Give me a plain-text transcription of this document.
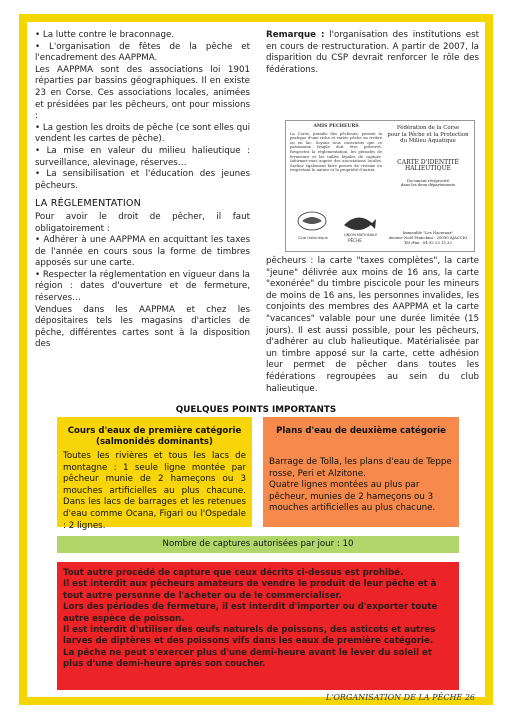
• La lutte contre le braconnage.

• L'organisation de fêtes de la pêche et l'encadrement des AAPPMA.

Les AAPPMA sont des associations loi 1901 réparties par bassins géographiques. Il en existe 23 en Corse. Ces associations locales, animées et présidées par les pêcheurs, ont pour missions :

• La gestion les droits de pêche (ce sont elles qui vendent les cartes de pêche).

• La mise en valeur du milieu halieutique : surveillance, alevinage, réserves…

• La sensibilisation et l'éducation des jeunes pêcheurs.

LA RÉGLEMENTATION

Pour avoir le droit de pêcher, il faut obligatoirement :

• Adhérer à une AAPPMA en acquittant les taxes de l'année en cours sous la forme de timbres apposés sur une carte.

• Respecter la réglementation en vigueur dans la région : dates d'ouverture et de fermeture, réserves…

Vendues dans les AAPPMA et chez les dépositaires tels les magasins d'articles de pêche, différentes cartes sont à la disposition des

Remarque : l'organisation des institutions est en cours de restructuration. A partir de 2007, la disparition du CSP devrait renforcer le rôle des fédérations.

AMIS PECHEURS
La Corse, paradis des pêcheurs, permet la pratique d'une riche et variée pêche en rivière ou en lac. Soyons tous conscients que ce patrimoine fragile doit être préservé. Respectez la réglementation, les périodes de fermeture et les tailles légales de capture. Informez-vous auprès des associations locales. Sachez également faire preuve de civisme en respectant la nature et la propriété d'autrui.
Club Halieutique
UNION NATIONALE
PÊCHE
Fédération de la Corse
pour la Pêche et la Protection
du Milieu Aquatique
CARTE D'IDENTITÉ
HALIEUTIQUE
Document réciprocité
dans les deux départements
Immeuble "Les Nacreaux"
Avenue Noël Franchini - 20090 AJACCIO
Tél./Fax : 04 95 23 13 32

pêcheurs : la carte "taxes complètes", la carte "jeune" délivrée aux moins de 16 ans, la carte "exonérée" du timbre piscicole pour les mineurs de moins de 16 ans, les personnes invalides, les conjoints des membres des AAPPMA et la carte "vacances" valable pour une durée limitée (15 jours). Il est aussi possible, pour les pêcheurs, d'adhérer au club halieutique. Matérialisée par un timbre apposé sur la carte, cette adhésion leur permet de pêcher dans toutes les fédérations regroupées au sein du club halieutique.

QUELQUES POINTS IMPORTANTS
Cours d'eaux de première catégorie
(salmonidés dominants)
Toutes les rivières et tous les lacs de montagne : 1 seule ligne montée par pêcheur munie de 2 hameçons ou 3 mouches artificielles au plus chacune. Dans les lacs de barrages et les retenues d'eau comme Ocana, Figari ou l'Ospedale : 2 lignes.
Plans d'eau de deuxième catégorie
Barrage de Tolla, les plans d'eau de Teppe rosse, Peri et Alzitone.
Quatre lignes montées au plus par pêcheur, munies de 2 hameçons ou 3 mouches artificielles au plus chacune.
Nombre de captures autorisées par jour : 10

Tout autre procédé de capture que ceux décrits ci-dessus est prohibé.

Il est interdit aux pêcheurs amateurs de vendre le produit de leur pêche et à tout autre personne de l'acheter ou de le commercialiser.

Lors des périodes de fermeture, il est interdit d'importer ou d'exporter toute autre espèce de poisson.

Il est interdit d'utiliser des œufs naturels de poissons, des asticots et autres larves de diptères et des poissons vifs dans les eaux de première catégorie.

La pêche ne peut s'exercer plus d'une demi-heure avant le lever du soleil et plus d'une demi-heure après son coucher.

L'ORGANISATION DE LA PÊCHE 26
